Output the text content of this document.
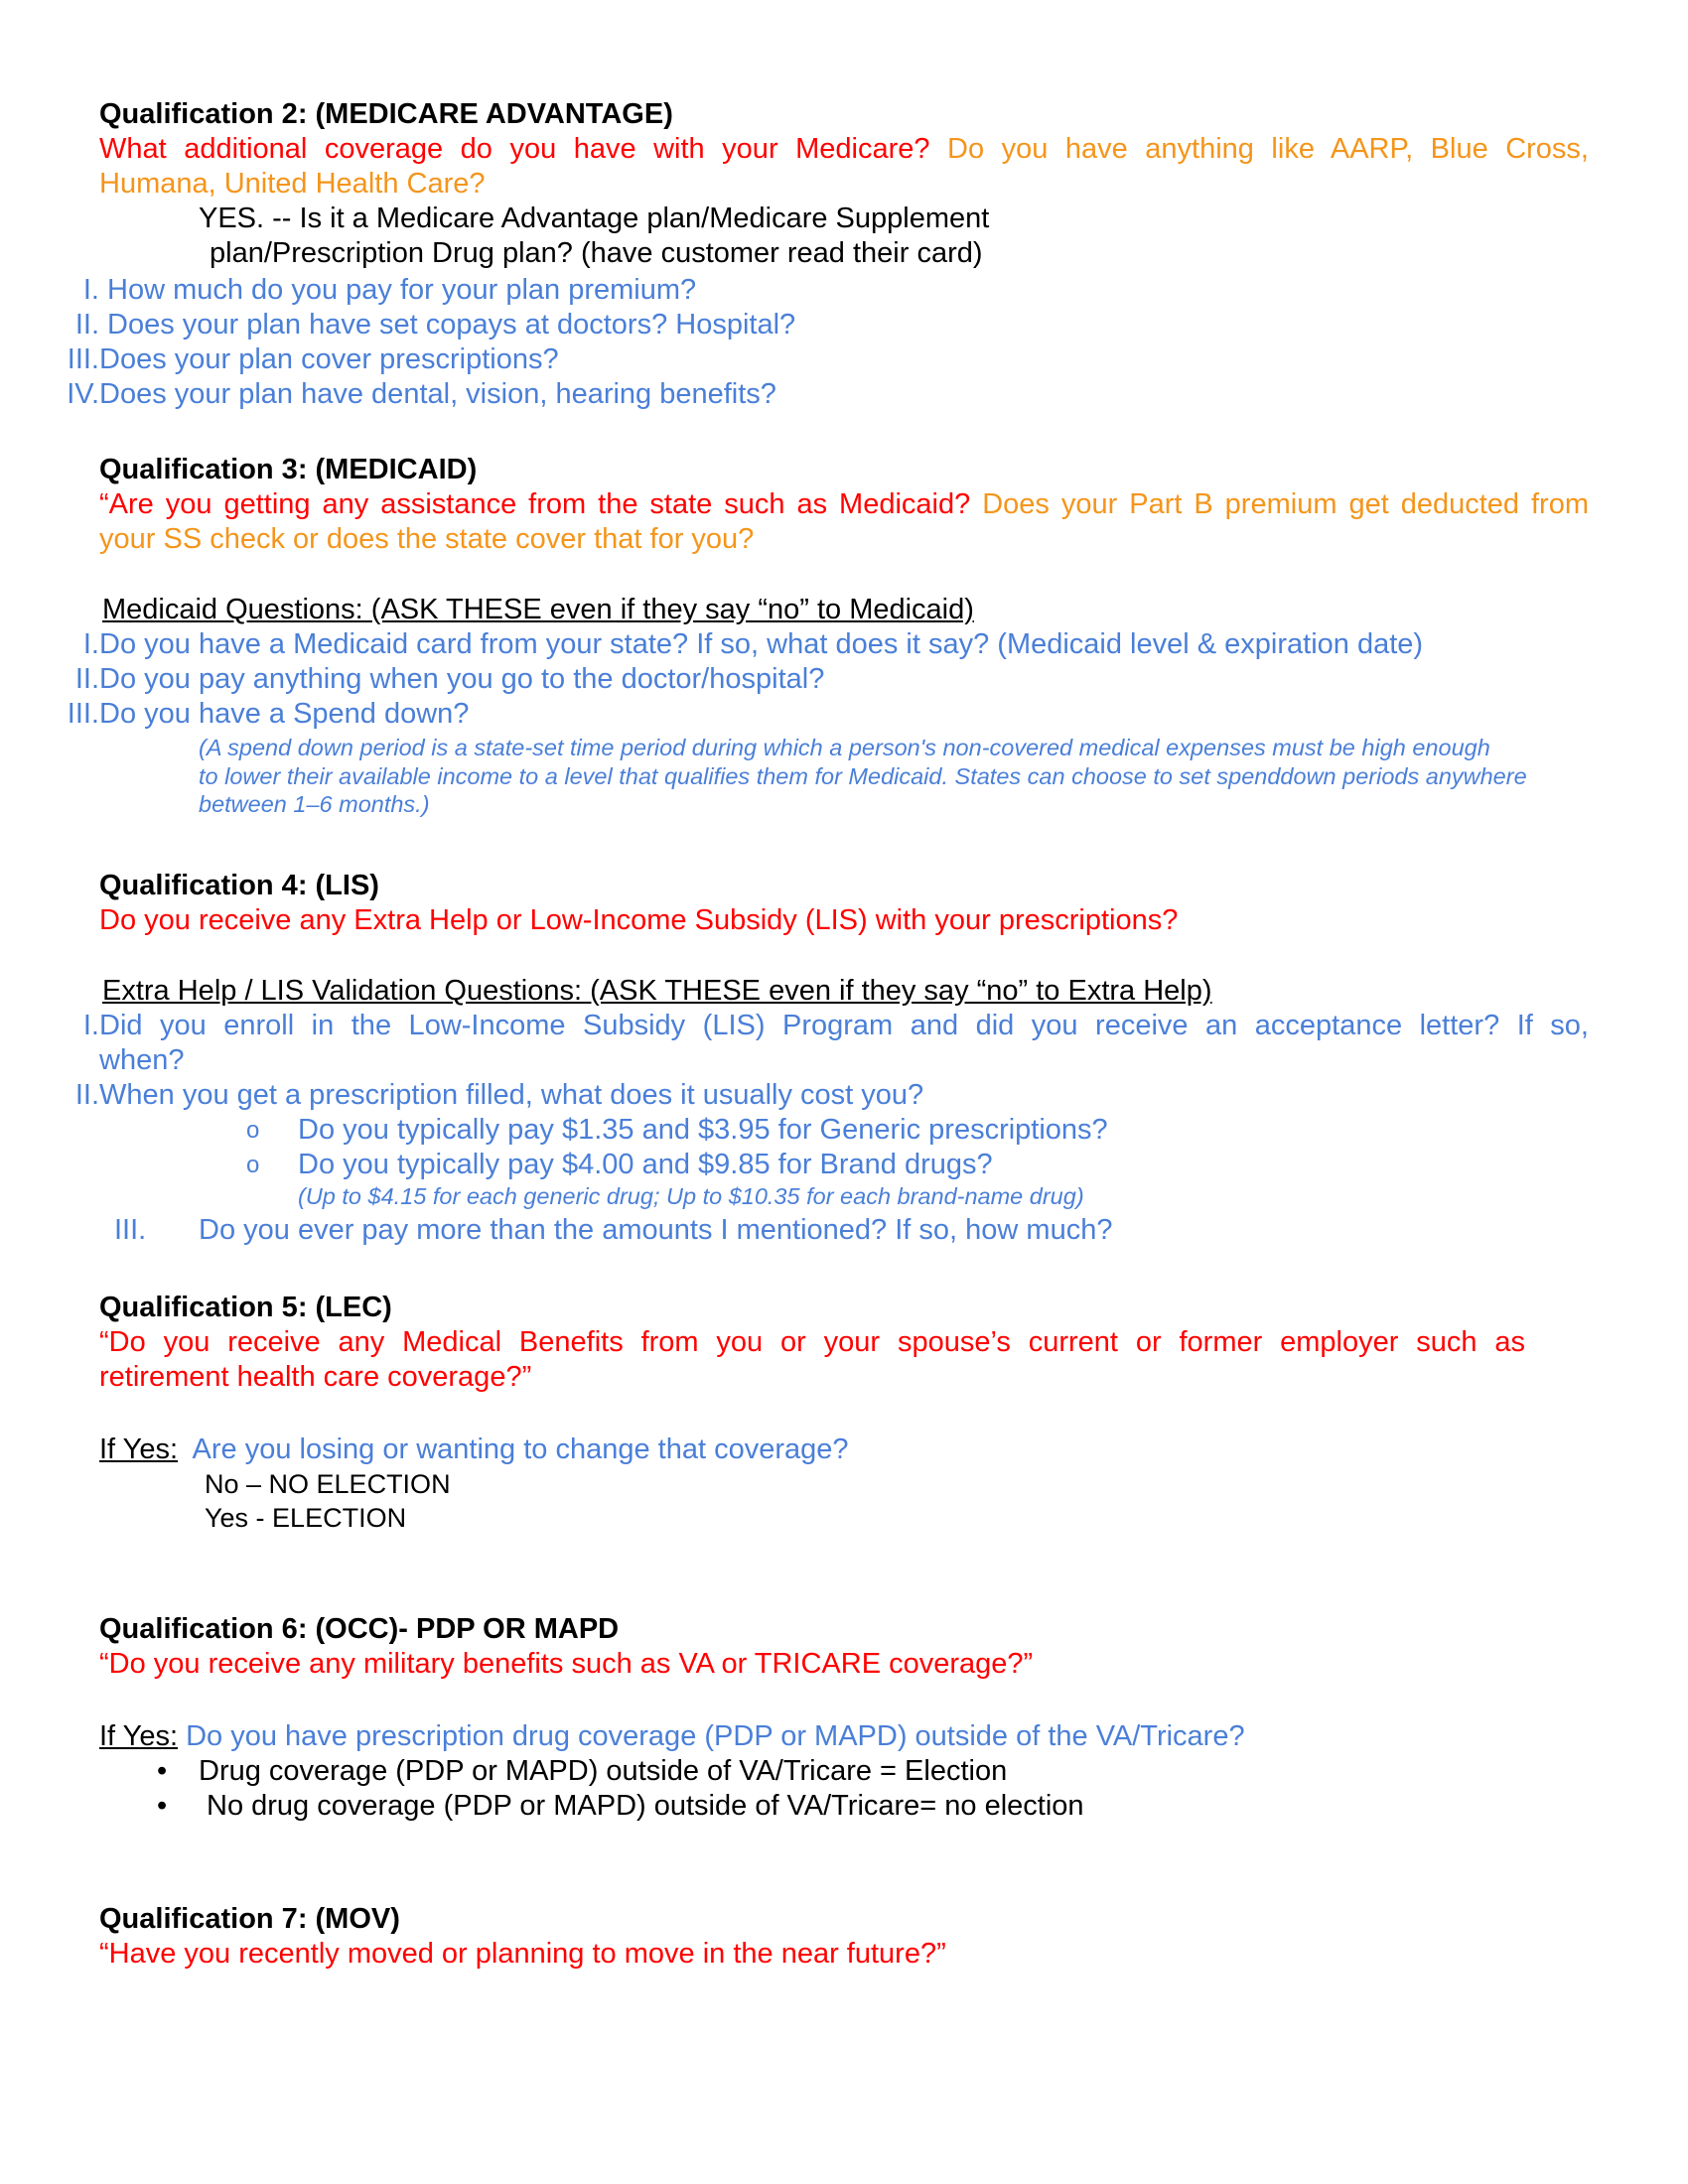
Qualification 2: (MEDICARE ADVANTAGE)
What additional coverage do you have with your Medicare? Do you have anything like AARP, Blue Cross,
Humana, United Health Care?
YES. -- Is it a Medicare Advantage plan/Medicare Supplement
plan/Prescription Drug plan? (have customer read their card)
I. How much do you pay for your plan premium?
II. Does your plan have set copays at doctors? Hospital?
III. Does your plan cover prescriptions?
IV. Does your plan have dental, vision, hearing benefits?
Qualification 3: (MEDICAID)
“Are you getting any assistance from the state such as Medicaid? Does your Part B premium get deducted from
your SS check or does the state cover that for you?
Medicaid Questions: (ASK THESE even if they say “no” to Medicaid)
I. Do you have a Medicaid card from your state? If so, what does it say? (Medicaid level & expiration date)
II. Do you pay anything when you go to the doctor/hospital?
III. Do you have a Spend down?
(A spend down period is a state-set time period during which a person's non-covered medical expenses must be high enough
to lower their available income to a level that qualifies them for Medicaid. States can choose to set spenddown periods anywhere
between 1–6 months.)
Qualification 4: (LIS)
Do you receive any Extra Help or Low-Income Subsidy (LIS) with your prescriptions?
Extra Help / LIS Validation Questions: (ASK THESE even if they say “no” to Extra Help)
I. Did you enroll in the Low-Income Subsidy (LIS) Program and did you receive an acceptance letter? If so,
when?
II. When you get a prescription filled, what does it usually cost you?
o Do you typically pay $1.35 and $3.95 for Generic prescriptions?
o Do you typically pay $4.00 and $9.85 for Brand drugs?
(Up to $4.15 for each generic drug; Up to $10.35 for each brand-name drug)
III. Do you ever pay more than the amounts I mentioned? If so, how much?
Qualification 5: (LEC)
“Do you receive any Medical Benefits from you or your spouse’s current or former employer such as
retirement health care coverage?”
If Yes: Are you losing or wanting to change that coverage?
No – NO ELECTION
Yes - ELECTION
Qualification 6: (OCC)- PDP OR MAPD
“Do you receive any military benefits such as VA or TRICARE coverage?”
If Yes: Do you have prescription drug coverage (PDP or MAPD) outside of the VA/Tricare?
• Drug coverage (PDP or MAPD) outside of VA/Tricare = Election
• No drug coverage (PDP or MAPD) outside of VA/Tricare= no election
Qualification 7: (MOV)
“Have you recently moved or planning to move in the near future?”
